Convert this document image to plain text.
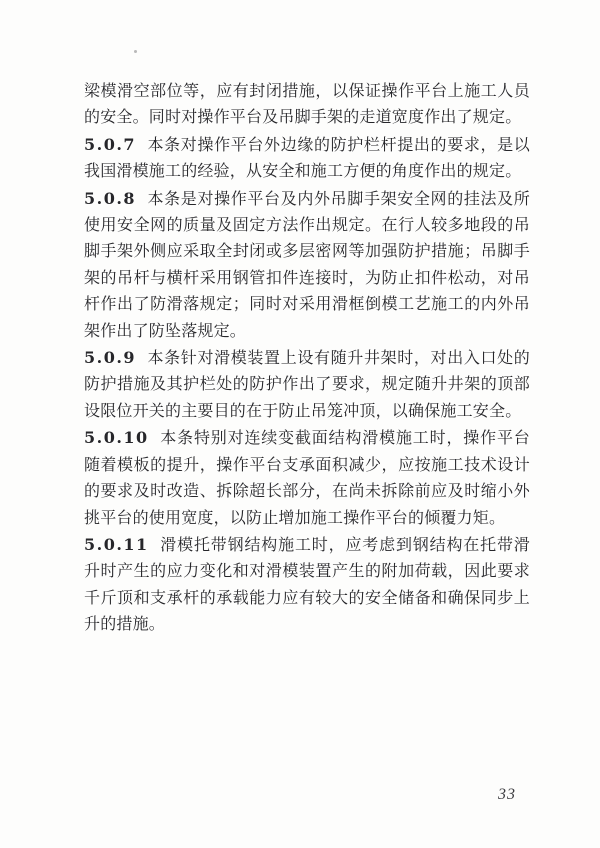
梁模滑空部位等，应有封闭措施，以保证操作平台上施工人员的安全。同时对操作平台及吊脚手架的走道宽度作出了规定。

5.0.7 本条对操作平台外边缘的防护栏杆提出的要求，是以我国滑模施工的经验，从安全和施工方便的角度作出的规定。

5.0.8 本条是对操作平台及内外吊脚手架安全网的挂法及所使用安全网的质量及固定方法作出规定。在行人较多地段的吊脚手架外侧应采取全封闭或多层密网等加强防护措施；吊脚手架的吊杆与横杆采用钢管扣件连接时，为防止扣件松动，对吊杆作出了防滑落规定；同时对采用滑框倒模工艺施工的内外吊架作出了防坠落规定。

5.0.9 本条针对滑模装置上设有随升井架时，对出入口处的防护措施及其护栏处的防护作出了要求，规定随升井架的顶部设限位开关的主要目的在于防止吊笼冲顶，以确保施工安全。

5.0.10 本条特别对连续变截面结构滑模施工时，操作平台随着模板的提升，操作平台支承面积减少，应按施工技术设计的要求及时改造、拆除超长部分，在尚未拆除前应及时缩小外挑平台的使用宽度，以防止增加施工操作平台的倾覆力矩。

5.0.11 滑模托带钢结构施工时，应考虑到钢结构在托带滑升时产生的应力变化和对滑模装置产生的附加荷载，因此要求千斤顶和支承杆的承载能力应有较大的安全储备和确保同步上升的措施。

33
